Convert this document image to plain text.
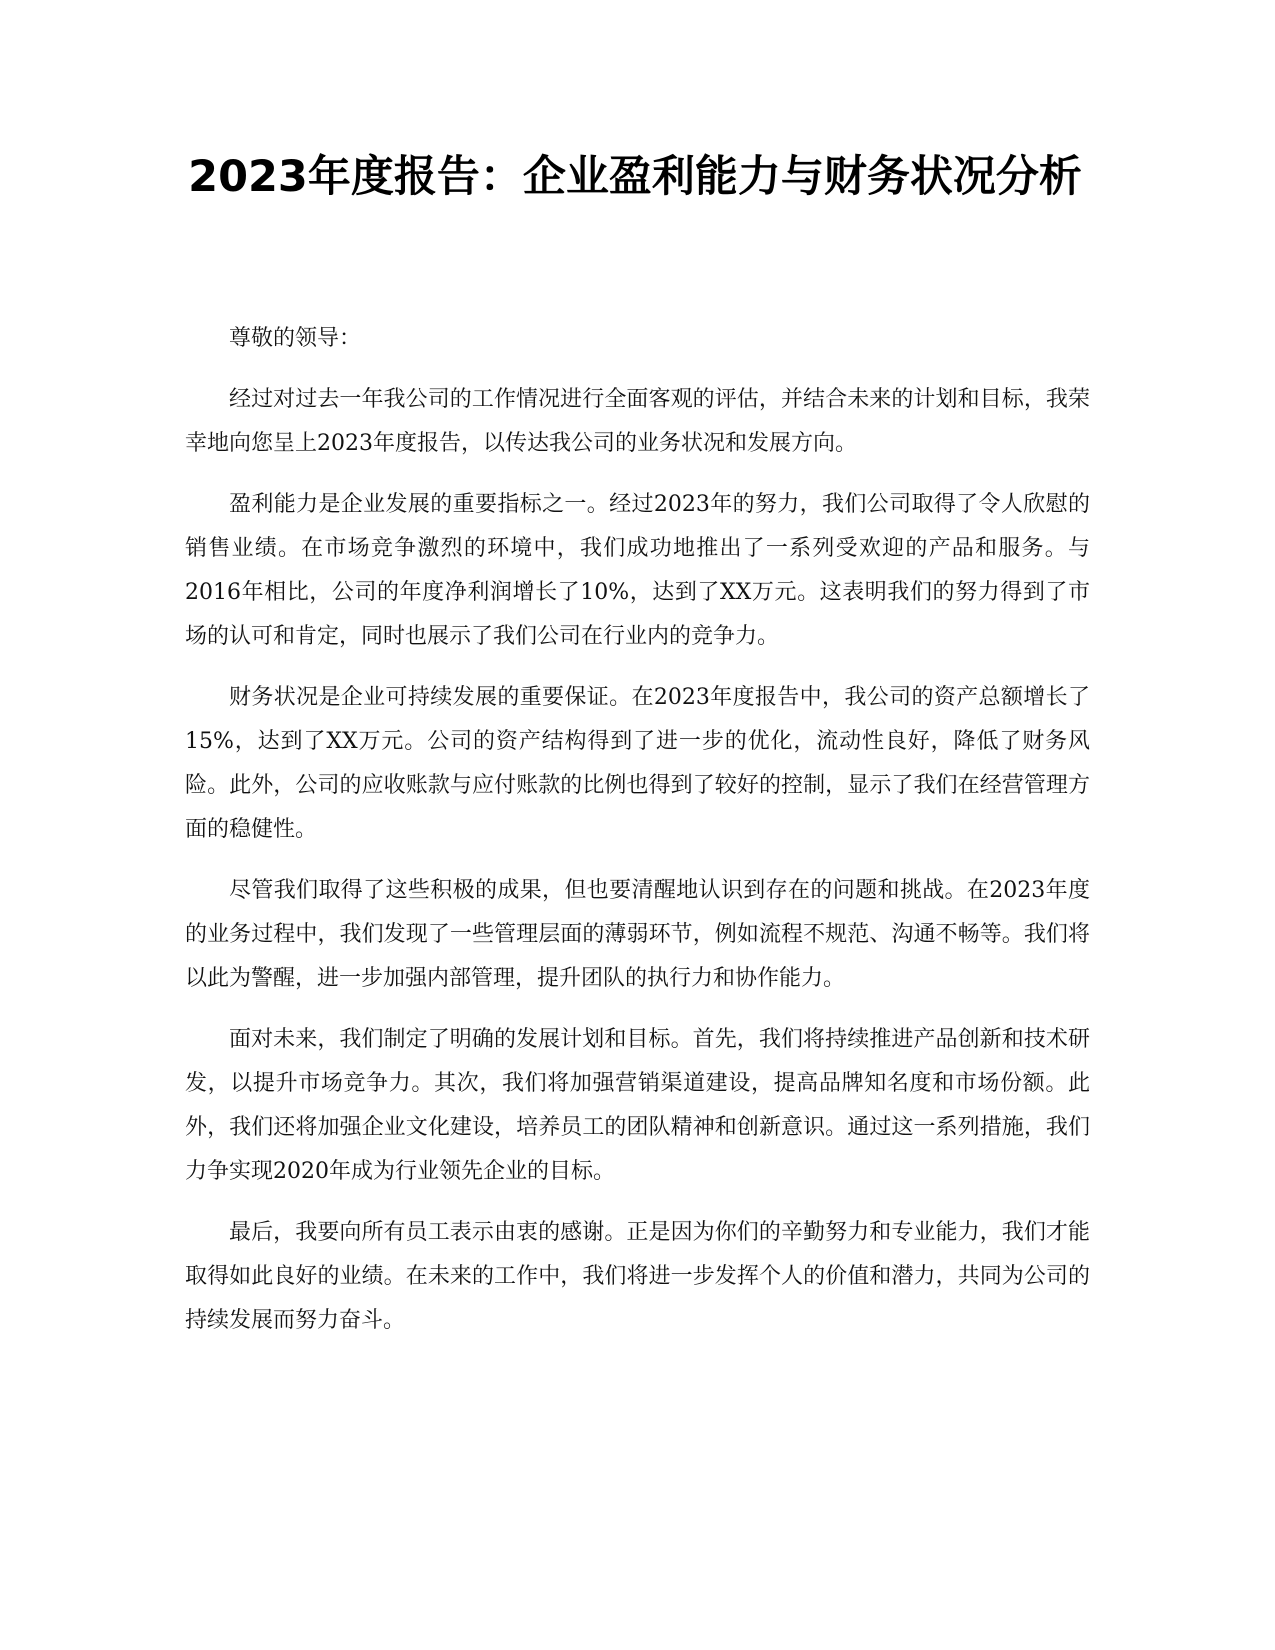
2023年度报告：企业盈利能力与财务状况分析

尊敬的领导：

经过对过去一年我公司的工作情况进行全面客观的评估，并结合未来的计划和目标，我荣幸地向您呈上2023年度报告，以传达我公司的业务状况和发展方向。

盈利能力是企业发展的重要指标之一。经过2023年的努力，我们公司取得了令人欣慰的销售业绩。在市场竞争激烈的环境中，我们成功地推出了一系列受欢迎的产品和服务。与2016年相比，公司的年度净利润增长了10%，达到了XX万元。这表明我们的努力得到了市场的认可和肯定，同时也展示了我们公司在行业内的竞争力。

财务状况是企业可持续发展的重要保证。在2023年度报告中，我公司的资产总额增长了15%，达到了XX万元。公司的资产结构得到了进一步的优化，流动性良好，降低了财务风险。此外，公司的应收账款与应付账款的比例也得到了较好的控制，显示了我们在经营管理方面的稳健性。

尽管我们取得了这些积极的成果，但也要清醒地认识到存在的问题和挑战。在2023年度的业务过程中，我们发现了一些管理层面的薄弱环节，例如流程不规范、沟通不畅等。我们将以此为警醒，进一步加强内部管理，提升团队的执行力和协作能力。

面对未来，我们制定了明确的发展计划和目标。首先，我们将持续推进产品创新和技术研发，以提升市场竞争力。其次，我们将加强营销渠道建设，提高品牌知名度和市场份额。此外，我们还将加强企业文化建设，培养员工的团队精神和创新意识。通过这一系列措施，我们力争实现2020年成为行业领先企业的目标。

最后，我要向所有员工表示由衷的感谢。正是因为你们的辛勤努力和专业能力，我们才能取得如此良好的业绩。在未来的工作中，我们将进一步发挥个人的价值和潜力，共同为公司的持续发展而努力奋斗。
